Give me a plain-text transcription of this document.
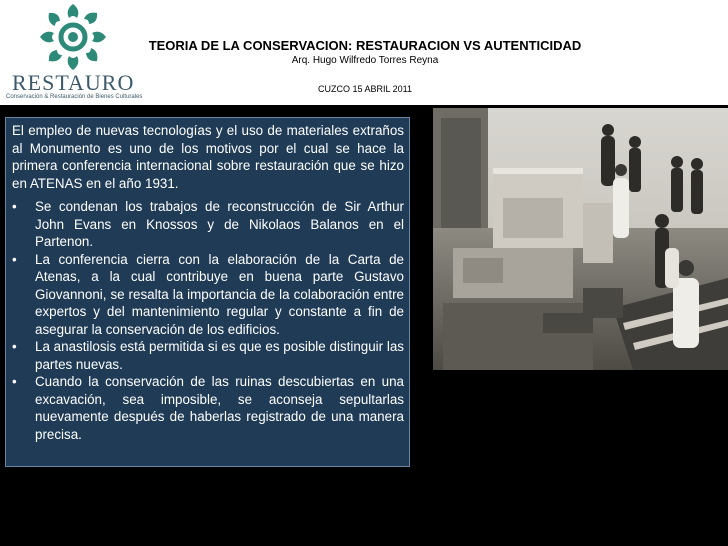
RESTAURO
Conservación & Restauración de Bienes Culturales
TEORIA DE LA CONSERVACION: RESTAURACION VS AUTENTICIDAD
Arq. Hugo Wilfredo Torres Reyna
CUZCO 15 ABRIL 2011

El empleo de nuevas tecnologías y el uso de materiales extraños al Monumento es uno de los motivos por el cual se hace la primera conferencia internacional sobre restauración que se hizo en ATENAS en el año 1931.

• Se condenan los trabajos de reconstrucción de Sir Arthur John Evans en Knossos y de Nikolaos Balanos en el Partenon.
• La conferencia cierra con la elaboración de la Carta de Atenas, a la cual contribuye en buena parte Gustavo Giovannoni, se resalta la importancia de la colaboración entre expertos y del mantenimiento regular y constante a fin de asegurar la conservación de los edificios.
• La anastilosis está permitida si es que es posible distinguir las partes nuevas.
• Cuando la conservación de las ruinas descubiertas en una excavación, sea imposible, se aconseja sepultarlas nuevamente después de haberlas registrado de una manera precisa.
